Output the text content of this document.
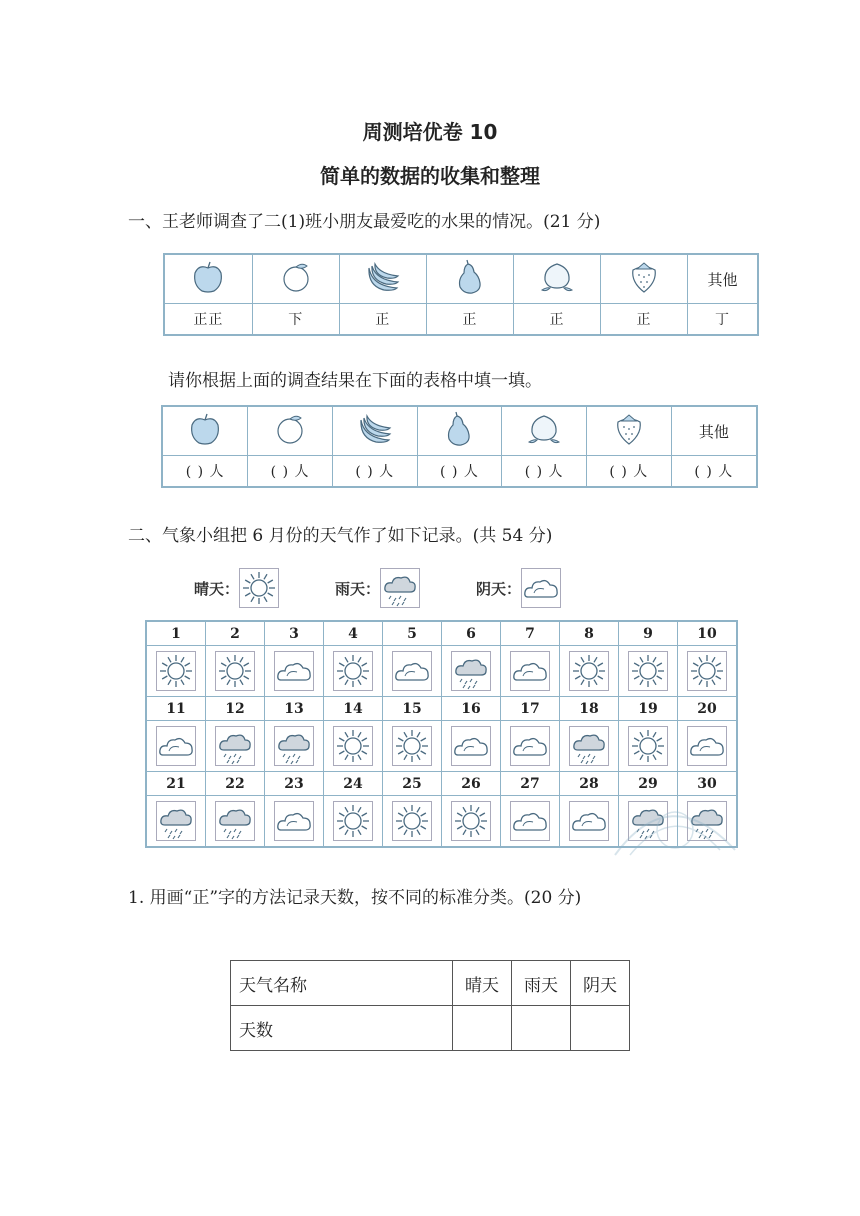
周测培优卷 10
简单的数据的收集和整理
一、王老师调查了二(1)班小朋友最爱吃的水果的情况。(21 分)
						其他
正正	下	正	正	正	正	丁
请你根据上面的调查结果在下面的表格中填一填。
						其他
( ) 人	( ) 人	( ) 人	( ) 人	( ) 人	( ) 人	( ) 人
二、气象小组把 6 月份的天气作了如下记录。(共 54 分)
晴天：	雨天：	阴天：
1	2	3	4	5	6	7	8	9	10

11	12	13	14	15	16	17	18	19	20

21	22	23	24	25	26	27	28	29	30

1. 用画“正”字的方法记录天数，按不同的标准分类。(20 分)
天气名称	晴天	雨天	阴天
天数			
